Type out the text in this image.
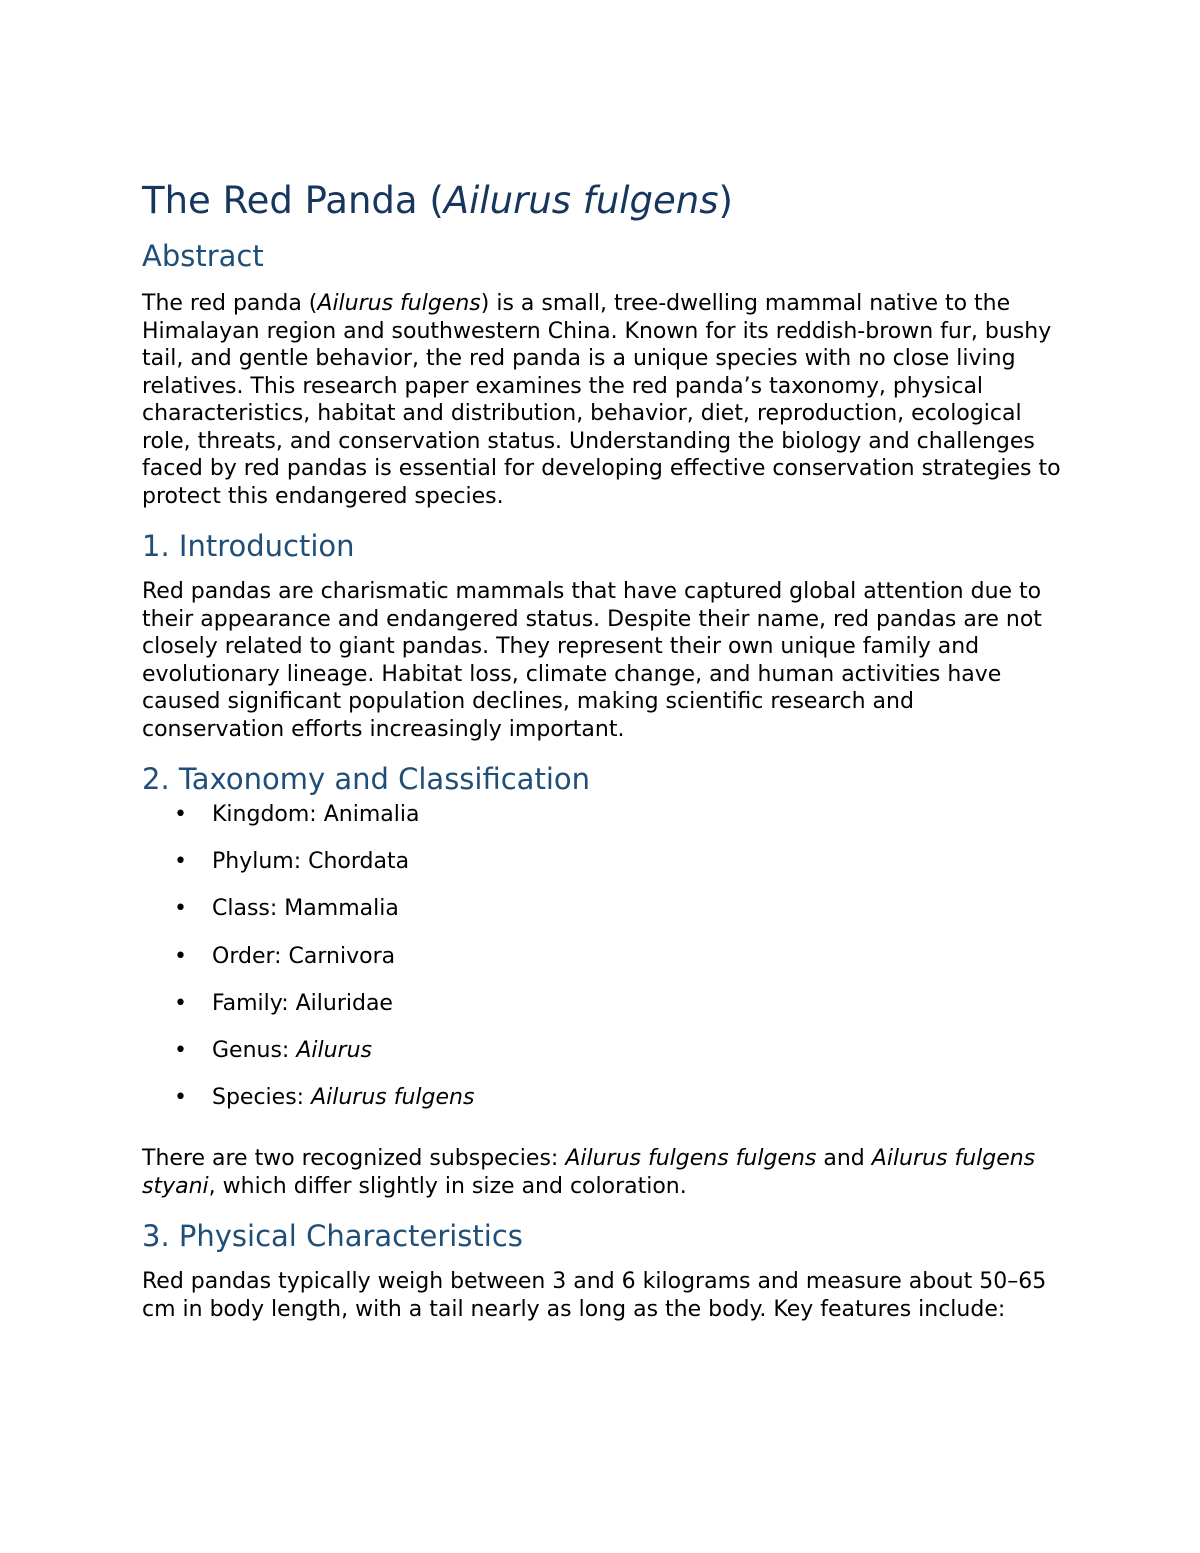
The Red Panda (Ailurus fulgens)
Abstract

The red panda (Ailurus fulgens) is a small, tree-dwelling mammal native to the Himalayan region and southwestern China. Known for its reddish-brown fur, bushy tail, and gentle behavior, the red panda is a unique species with no close living relatives. This research paper examines the red panda’s taxonomy, physical characteristics, habitat and distribution, behavior, diet, reproduction, ecological role, threats, and conservation status. Understanding the biology and challenges faced by red pandas is essential for developing effective conservation strategies to protect this endangered species.

1. Introduction

Red pandas are charismatic mammals that have captured global attention due to their appearance and endangered status. Despite their name, red pandas are not closely related to giant pandas. They represent their own unique family and evolutionary lineage. Habitat loss, climate change, and human activities have caused significant population declines, making scientific research and conservation efforts increasingly important.

2. Taxonomy and Classification
• Kingdom: Animalia
• Phylum: Chordata
• Class: Mammalia
• Order: Carnivora
• Family: Ailuridae
• Genus: Ailurus
• Species: Ailurus fulgens

There are two recognized subspecies: Ailurus fulgens fulgens and Ailurus fulgens styani, which differ slightly in size and coloration.

3. Physical Characteristics

Red pandas typically weigh between 3 and 6 kilograms and measure about 50–65 cm in body length, with a tail nearly as long as the body. Key features include:
